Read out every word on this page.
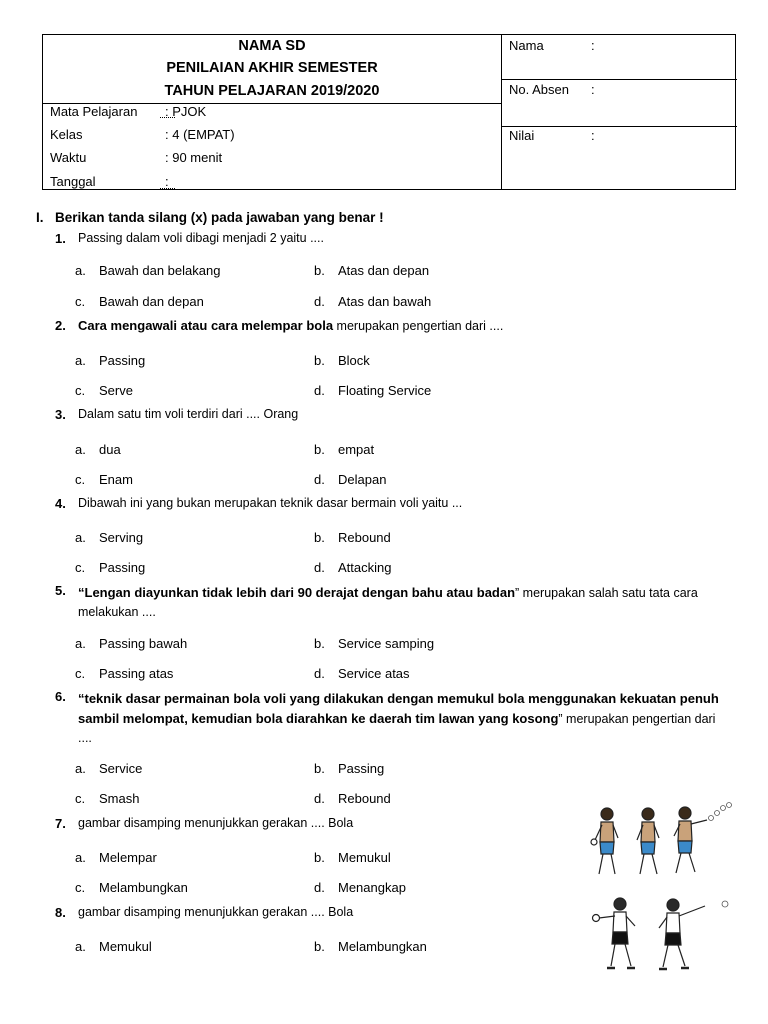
NAMA SD
PENILAIAN AKHIR SEMESTER
TAHUN PELAJARAN 2019/2020
Mata Pelajaran : PJOK
Kelas	: 4 (EMPAT)
Waktu	: 90 menit
Tanggal	:
Nama	:
No. Absen :
Nilai	:
I. Berikan tanda silang (x) pada jawaban yang benar !
1. Passing dalam voli dibagi menjadi 2 yaitu ....
a. Bawah dan belakang	b. Atas dan depan
c. Bawah dan depan	d. Atas dan bawah
2. Cara mengawali atau cara melempar bola merupakan pengertian dari ....
a. Passing	b. Block
c. Serve	d. Floating Service
3. Dalam satu tim voli terdiri dari .... Orang
a. dua	b. empat
c. Enam	d. Delapan
4. Dibawah ini yang bukan merupakan teknik dasar bermain voli yaitu ...
a. Serving	b. Rebound
c. Passing	d. Attacking
5. “Lengan diayunkan tidak lebih dari 90 derajat dengan bahu atau badan” merupakan salah satu tata cara melakukan ....
a. Passing bawah	b. Service samping
c. Passing atas	d. Service atas
6. “teknik dasar permainan bola voli yang dilakukan dengan memukul bola menggunakan kekuatan penuh sambil melompat, kemudian bola diarahkan ke daerah tim lawan yang kosong” merupakan pengertian dari ....
a. Service	b. Passing
c. Smash	d. Rebound
7. gambar disamping menunjukkan gerakan .... Bola
a. Melempar	b. Memukul
c. Melambungkan	d. Menangkap
8. gambar disamping menunjukkan gerakan .... Bola
a. Memukul	b. Melambungkan
